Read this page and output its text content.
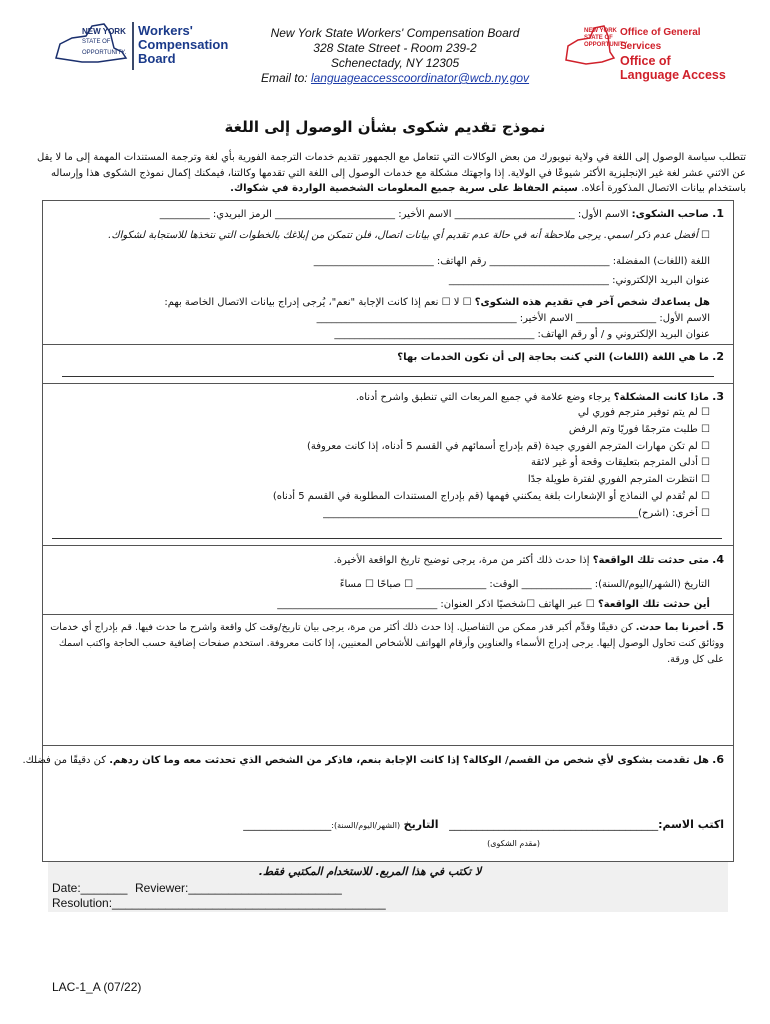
NEW YORK
STATE OF
OPPORTUNITY.
Workers'
Compensation
Board
New York State Workers' Compensation Board
328 State Street - Room 239-2
Schenectady, NY 12305
Email to: languageaccesscoordinator@wcb.ny.gov
NEW YORK
STATE OF
OPPORTUNITY.
Office of General Services
Office of Language Access
نموذج تقديم شكوى بشأن الوصول إلى اللغة
تتطلب سياسة الوصول إلى اللغة في ولاية نيويورك من بعض الوكالات التي تتعامل مع الجمهور تقديم خدمات الترجمة الفورية بأي لغة وترجمة المستندات المهمة إلى ما لا يقل عن الاثني عشر لغة غير الإنجليزية الأكثر شيوعًا في الولاية. إذا واجهتك مشكلة مع خدمات الوصول إلى اللغة التي تقدمها وكالتنا، فيمكنك إكمال نموذج الشكوى هذا وإرساله باستخدام بيانات الاتصال المذكورة أعلاه. سيتم الحفاظ على سرية جميع المعلومات الشخصية الواردة في شكواك.
1. صاحب الشكوى: الاسم الأول: ________________________ الاسم الأخير: ________________________ الرمز البريدي: __________
☐ أفضل عدم ذكر اسمي. يرجى ملاحظة أنه في حالة عدم تقديم أي بيانات اتصال، فلن تتمكن من إبلاغك بالخطوات التي نتخذها للاستجابة لشكواك.
اللغة (اللغات) المفضلة: ________________________ رقم الهاتف: ________________________
عنوان البريد الإلكتروني: ________________________________
هل يساعدك شخص آخر في تقديم هذه الشكوى؟ ☐ لا ☐ نعم إذا كانت الإجابة "نعم"، يُرجى إدراج بيانات الاتصال الخاصة بهم:
الاسم الأول: ________________ الاسم الأخير: ________________________________________
عنوان البريد الإلكتروني و / أو رقم الهاتف: ________________________________________
2. ما هي اللغة (اللغات) التي كنت بحاجة إلى أن تكون الخدمات بها؟
3. ماذا كانت المشكلة؟ يرجاء وضع علامة في جميع المربعات التي تنطبق واشرح أدناه.
☐ لم يتم توفير مترجم فوري لي
☐ طلبت مترجمًا فوريًا وتم الرفض
☐ لم تكن مهارات المترجم الفوري جيدة (قم بإدراج أسمائهم في القسم 5 أدناه، إذا كانت معروفة)
☐ أدلى المترجم بتعليقات وقحة أو غير لائقة
☐ انتظرت المترجم الفوري لفترة طويلة جدًا
☐ لم تُقدم لي النماذج أو الإشعارات بلغة يمكنني فهمها (قم بإدراج المستندات المطلوبة في القسم 5 أدناه)
☐ أخرى: (اشرح)_______________________________________________________________
4. متى حدثت تلك الواقعة؟ إذا حدث ذلك أكثر من مرة، يرجى توضيح تاريخ الواقعة الأخيرة.
التاريخ (الشهر/اليوم/السنة): ______________ الوقت: ______________ ☐ صباحًا ☐ مساءً
أين حدثت تلك الواقعة؟ ☐ عبر الهاتف ☐شخصيًا اذكر العنوان: ________________________________
5. أخبرنا بما حدث. كن دقيقًا وقدِّم أكبر قدر ممكن من التفاصيل. إذا حدث ذلك أكثر من مرة، يرجى بيان تاريخ/وقت كل واقعة واشرح ما حدث فيها. قم بإدراج أي خدمات ووثائق كنت تحاول الوصول إليها. يرجى إدراج الأسماء والعناوين وأرقام الهواتف للأشخاص المعنيين، إذا كانت معروفة. استخدم صفحات إضافية حسب الحاجة واكتب اسمك على كل ورقة.
6. هل تقدمت بشكوى لأي شخص من القسم/ الوكالة؟ إذا كانت الإجابة بنعم، فاذكر من الشخص الذي تحدثت معه وما كان ردهم. كن دقيقًا من فضلك.
اكتب الاسم:______________________________________   التاريخ (الشهر/اليوم/السنة):________________
(مقدم الشكوى)
لا تكتب في هذا المربع. للاستخدام المكتبي فقط.
Date:_______ Reviewer:_______________________
Resolution:_________________________________________
LAC-1_A (07/22)
